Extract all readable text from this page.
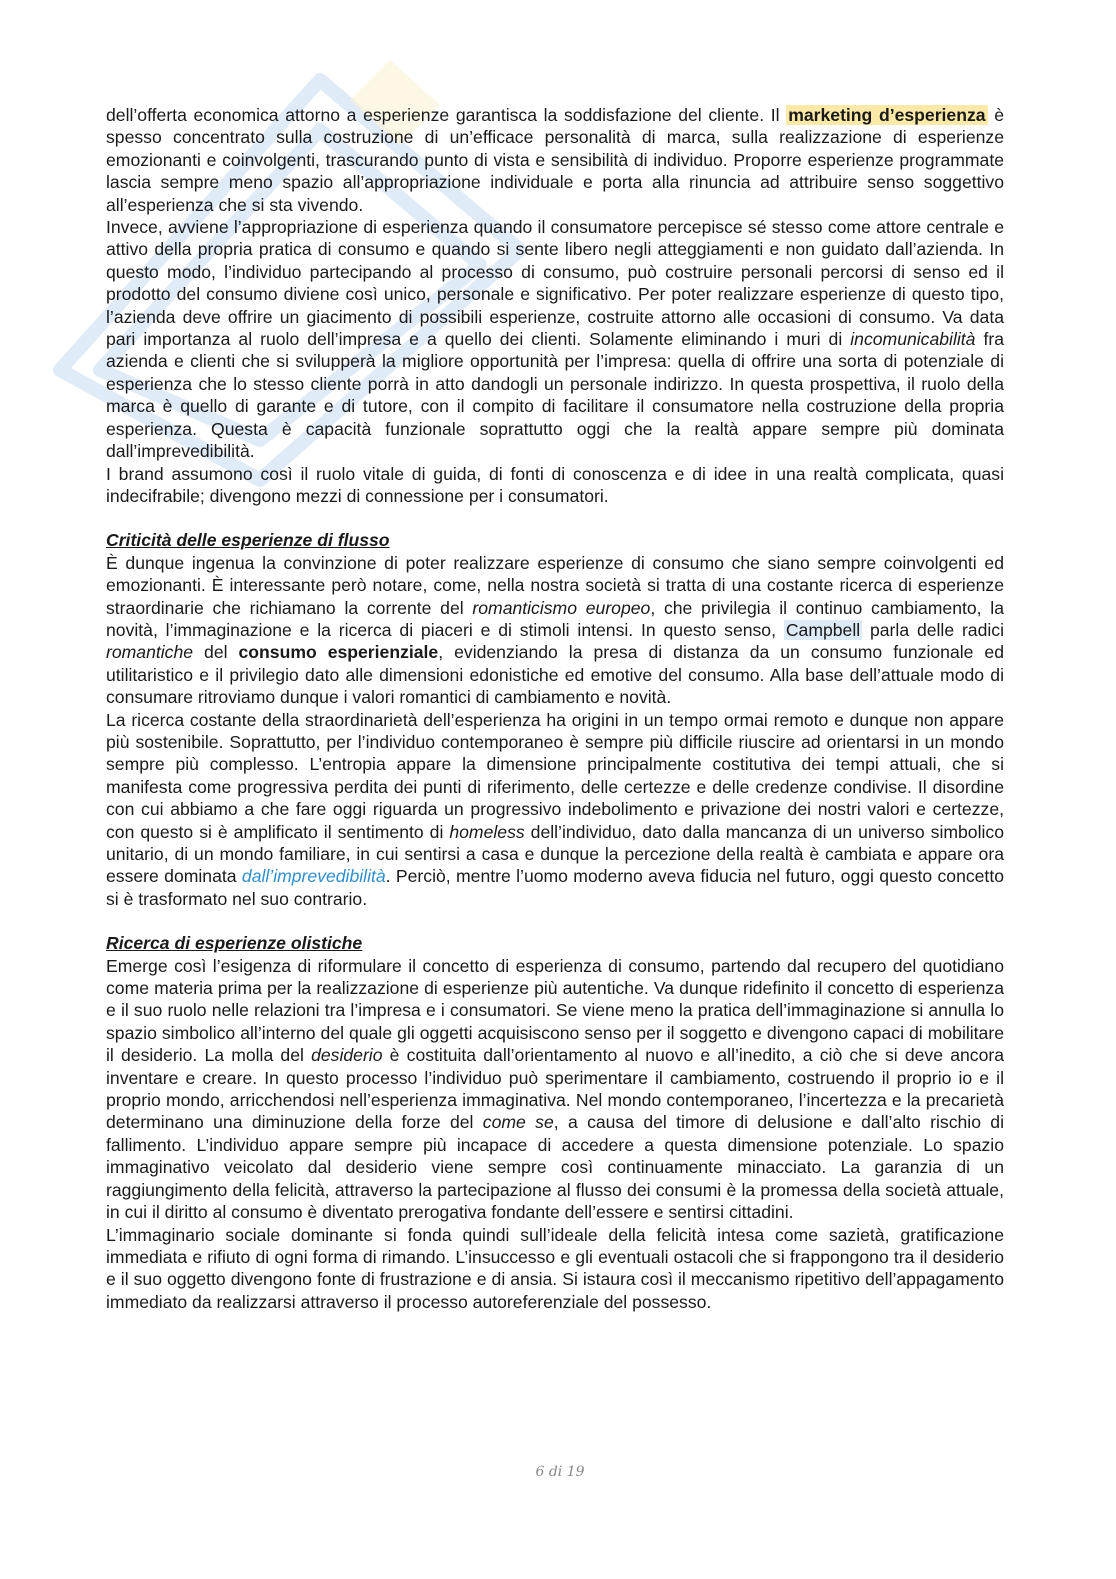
dell’offerta economica attorno a esperienze garantisca la soddisfazione del cliente. Il marketing d’esperienza è spesso concentrato sulla costruzione di un’efficace personalità di marca, sulla realizzazione di esperienze emozionanti e coinvolgenti, trascurando punto di vista e sensibilità di individuo. Proporre esperienze programmate lascia sempre meno spazio all’appropriazione individuale e porta alla rinuncia ad attribuire senso soggettivo all’esperienza che si sta vivendo.

Invece, avviene l’appropriazione di esperienza quando il consumatore percepisce sé stesso come attore centrale e attivo della propria pratica di consumo e quando si sente libero negli atteggiamenti e non guidato dall’azienda. In questo modo, l’individuo partecipando al processo di consumo, può costruire personali percorsi di senso ed il prodotto del consumo diviene così unico, personale e significativo. Per poter realizzare esperienze di questo tipo, l’azienda deve offrire un giacimento di possibili esperienze, costruite attorno alle occasioni di consumo. Va data pari importanza al ruolo dell’impresa e a quello dei clienti. Solamente eliminando i muri di incomunicabilità fra azienda e clienti che si svilupperà la migliore opportunità per l’impresa: quella di offrire una sorta di potenziale di esperienza che lo stesso cliente porrà in atto dandogli un personale indirizzo. In questa prospettiva, il ruolo della marca è quello di garante e di tutore, con il compito di facilitare il consumatore nella costruzione della propria esperienza. Questa è capacità funzionale soprattutto oggi che la realtà appare sempre più dominata dall’imprevedibilità.

I brand assumono così il ruolo vitale di guida, di fonti di conoscenza e di idee in una realtà complicata, quasi indecifrabile; divengono mezzi di connessione per i consumatori.

Criticità delle esperienze di flusso

È dunque ingenua la convinzione di poter realizzare esperienze di consumo che siano sempre coinvolgenti ed emozionanti. È interessante però notare, come, nella nostra società si tratta di una costante ricerca di esperienze straordinarie che richiamano la corrente del romanticismo europeo, che privilegia il continuo cambiamento, la novità, l’immaginazione e la ricerca di piaceri e di stimoli intensi. In questo senso, Campbell parla delle radici romantiche del consumo esperienziale, evidenziando la presa di distanza da un consumo funzionale ed utilitaristico e il privilegio dato alle dimensioni edonistiche ed emotive del consumo. Alla base dell’attuale modo di consumare ritroviamo dunque i valori romantici di cambiamento e novità.

La ricerca costante della straordinarietà dell’esperienza ha origini in un tempo ormai remoto e dunque non appare più sostenibile. Soprattutto, per l’individuo contemporaneo è sempre più difficile riuscire ad orientarsi in un mondo sempre più complesso. L’entropia appare la dimensione principalmente costitutiva dei tempi attuali, che si manifesta come progressiva perdita dei punti di riferimento, delle certezze e delle credenze condivise. Il disordine con cui abbiamo a che fare oggi riguarda un progressivo indebolimento e privazione dei nostri valori e certezze, con questo si è amplificato il sentimento di homeless dell’individuo, dato dalla mancanza di un universo simbolico unitario, di un mondo familiare, in cui sentirsi a casa e dunque la percezione della realtà è cambiata e appare ora essere dominata dall’imprevedibilità. Perciò, mentre l’uomo moderno aveva fiducia nel futuro, oggi questo concetto si è trasformato nel suo contrario.

Ricerca di esperienze olistiche

Emerge così l’esigenza di riformulare il concetto di esperienza di consumo, partendo dal recupero del quotidiano come materia prima per la realizzazione di esperienze più autentiche. Va dunque ridefinito il concetto di esperienza e il suo ruolo nelle relazioni tra l’impresa e i consumatori. Se viene meno la pratica dell’immaginazione si annulla lo spazio simbolico all’interno del quale gli oggetti acquisiscono senso per il soggetto e divengono capaci di mobilitare il desiderio. La molla del desiderio è costituita dall’orientamento al nuovo e all’inedito, a ciò che si deve ancora inventare e creare. In questo processo l’individuo può sperimentare il cambiamento, costruendo il proprio io e il proprio mondo, arricchendosi nell’esperienza immaginativa. Nel mondo contemporaneo, l’incertezza e la precarietà determinano una diminuzione della forze del come se, a causa del timore di delusione e dall’alto rischio di fallimento. L’individuo appare sempre più incapace di accedere a questa dimensione potenziale. Lo spazio immaginativo veicolato dal desiderio viene sempre così continuamente minacciato. La garanzia di un raggiungimento della felicità, attraverso la partecipazione al flusso dei consumi è la promessa della società attuale, in cui il diritto al consumo è diventato prerogativa fondante dell’essere e sentirsi cittadini.

L’immaginario sociale dominante si fonda quindi sull’ideale della felicità intesa come sazietà, gratificazione immediata e rifiuto di ogni forma di rimando. L’insuccesso e gli eventuali ostacoli che si frappongono tra il desiderio e il suo oggetto divengono fonte di frustrazione e di ansia. Si istaura così il meccanismo ripetitivo dell’appagamento immediato da realizzarsi attraverso il processo autoreferenziale del possesso.

6 di 19
